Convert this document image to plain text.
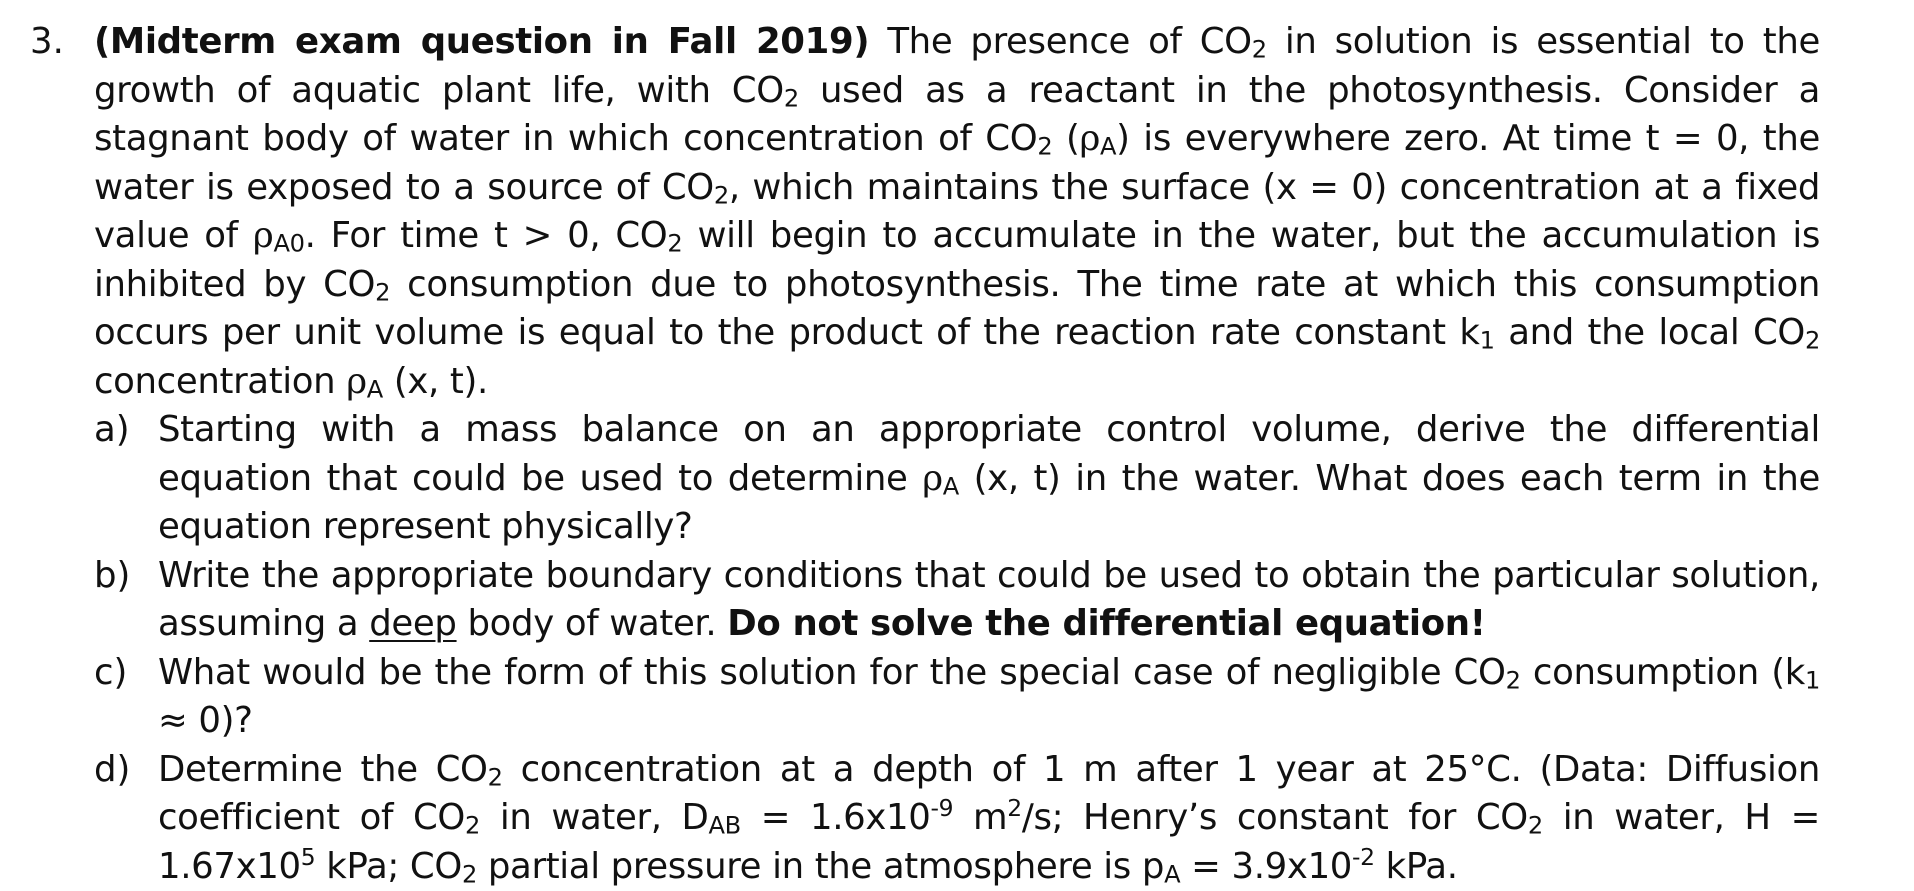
3. (Midterm exam question in Fall 2019) The presence of CO2 in solution is essential to the growth of aquatic plant life, with CO2 used as a reactant in the photosynthesis. Consider a stagnant body of water in which concentration of CO2 (ρA) is everywhere zero. At time t = 0, the water is exposed to a source of CO2, which maintains the surface (x = 0) concentration at a fixed value of ρA0. For time t > 0, CO2 will begin to accumulate in the water, but the accumulation is inhibited by CO2 consumption due to photosynthesis. The time rate at which this consumption occurs per unit volume is equal to the product of the reaction rate constant k1 and the local CO2 concentration ρA (x, t).
a) Starting with a mass balance on an appropriate control volume, derive the differential equation that could be used to determine ρA (x, t) in the water. What does each term in the equation represent physically?
b) Write the appropriate boundary conditions that could be used to obtain the particular solution, assuming a deep body of water. Do not solve the differential equation!
c) What would be the form of this solution for the special case of negligible CO2 consumption (k1 ≈ 0)?
d) Determine the CO2 concentration at a depth of 1 m after 1 year at 25°C. (Data: Diffusion coefficient of CO2 in water, DAB = $1.6x10^{-9}$ $m^2/s$; Henry’s constant for CO2 in water, $H = 1.67x10^5$ kPa; CO2 partial pressure in the atmosphere is pA = $3.9x10^{-2}$ kPa.
